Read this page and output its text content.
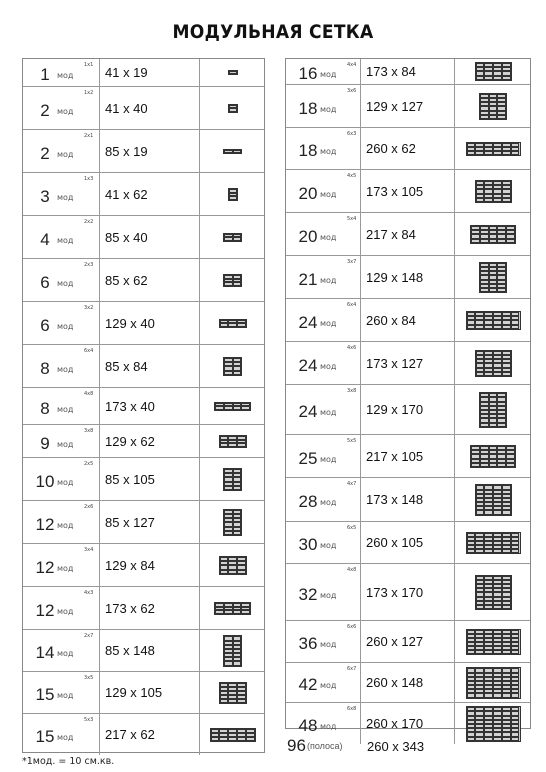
МОДУЛЬНАЯ СЕТКА
1 мод
1x1 41 x 19
2 мод
1x2
41 x 40
2 мод
2x1
85 x 19
3 мод
1x3
41 x 62
4 мод
2x2
85 x 40
6 мод
2x3
85 x 62
6 мод
3x2
129 x 40
8 мод
6x4
85 x 84
8 мод
4x8
173 x 40
9 мод
3x8
129 x 62
10 мод
2x5
85 x 105
12 мод
2x6
85 x 127
12 мод
3x4
129 x 84
12 мод
4x3
173 x 62
14 мод
2x7
85 x 148
15 мод
3x5
129 x 105
15 мод
5x3
217 x 62
16 мод
4x4 173 x 84
18 мод
3x6
129 x 127
18 мод
6x3
260 x 62
20 мод
4x5
173 x 105
20 мод
5x4
217 x 84
21 мод
3x7
129 x 148
24 мод
6x4
260 x 84
24 мод
4x6
173 x 127
24 мод
3x8
129 x 170
25 мод
5x5
217 x 105
28 мод
4x7
173 x 148
30 мод
6x5
260 x 105
32 мод
4x8
173 x 170
36 мод
6x6
260 x 127
42 мод
6x7
260 x 148
48 мод
6x8
260 x 170
96 (полоса) 260 x 343
*1мод. = 10 см.кв.
